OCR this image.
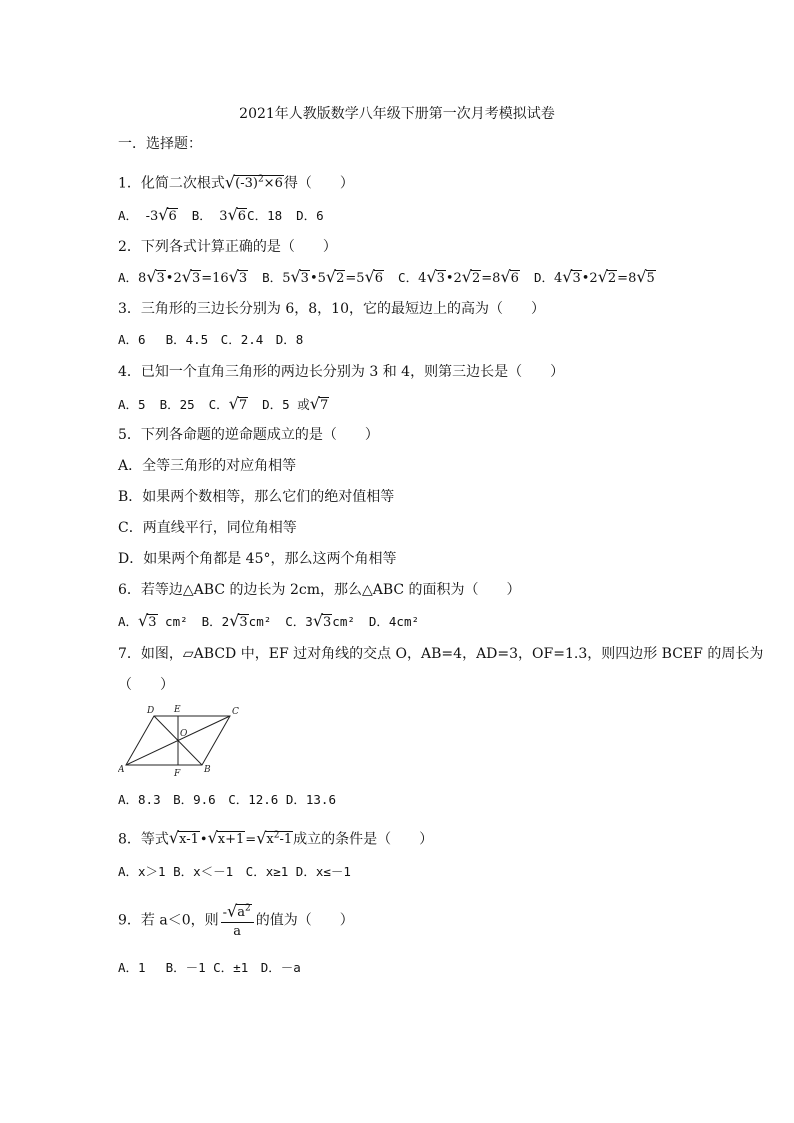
2021年人教版数学八年级下册第一次月考模拟试卷
一．选择题：
1．化简二次根式$√(-3)^2\times 6$得（　　）
A． -3√6 B． 3√6C．18 D．6
2．下列各式计算正确的是（　　）
A．8√3•2√3=16√3 B．5√3•5√2=5√6 C．4√3•2√2=8√6 D．4√3•2√2=8√5
3．三角形的三边长分别为 6，8，10，它的最短边上的高为（　　）
A．6　 B．4.5　C．2.4　D．8
4．已知一个直角三角形的两边长分别为 3 和 4，则第三边长是（　　）
A．5 B．25 C．√7 D．5 或√7
5．下列各命题的逆命题成立的是（　　）
A．全等三角形的对应角相等
B．如果两个数相等，那么它们的绝对值相等
C．两直线平行，同位角相等
D．如果两个角都是 45°，那么这两个角相等
6．若等边△ABC 的边长为 2cm，那么△ABC 的面积为（　　）
A．√3 cm² B．2√3cm² C．3√3cm² D．4cm²
7．如图，▱ABCD 中，EF 过对角线的交点 O，AB=4，AD=3，OF=1.3，则四边形 BCEF 的周长为
（　　）
D E	C
O
A	F	B
A．8.3　B．9.6　C．12.6 D．13.6
8．等式$√x-1•√x+1=√x^2-1$成立的条件是（　　）
A．x＞1 B．x＜－1　C．x≥1 D．x≤－1
9．若 a＜0，则 $\frac{-√a^2}{a}$ 的值为（　　）
A．1　 B．－1 C．±1　D．－a
